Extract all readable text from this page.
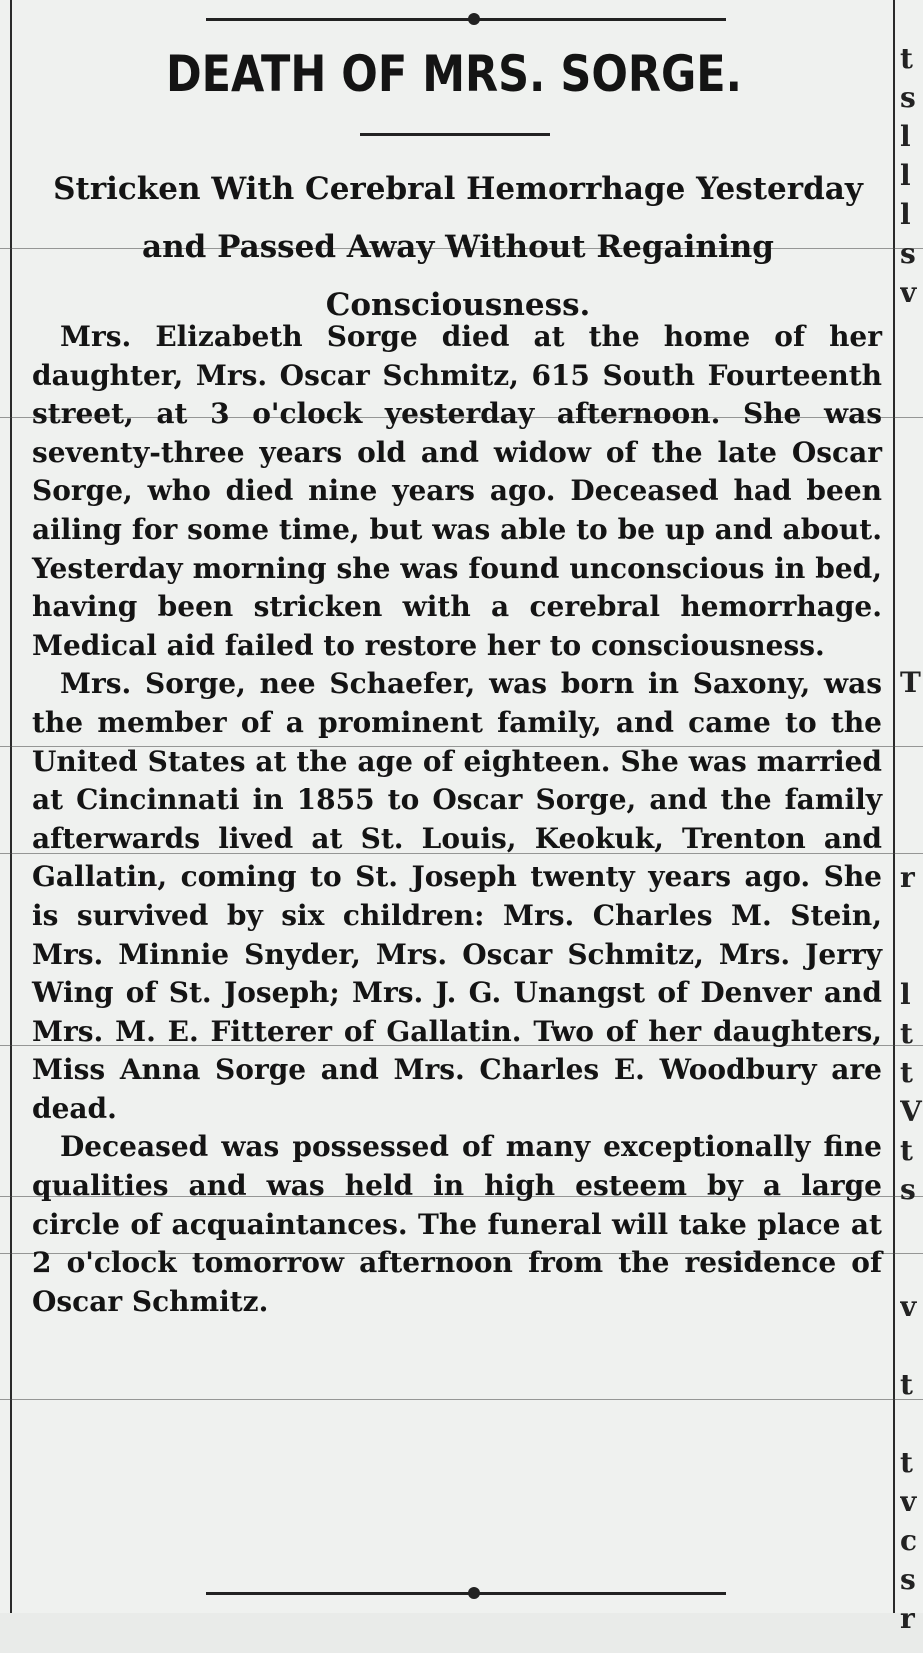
DEATH OF MRS. SORGE.
Stricken With Cerebral Hemorrhage Yesterday and Passed Away Without Regaining Consciousness.

Mrs. Elizabeth Sorge died at the home of her daughter, Mrs. Oscar Schmitz, 615 South Fourteenth street, at 3 o'clock yesterday afternoon. She was seventy-three years old and widow of the late Oscar Sorge, who died nine years ago. Deceased had been ailing for some time, but was able to be up and about. Yesterday morning she was found unconscious in bed, having been stricken with a cerebral hemorrhage. Medical aid failed to restore her to consciousness.

Mrs. Sorge, nee Schaefer, was born in Saxony, was the member of a prominent family, and came to the United States at the age of eighteen. She was married at Cincinnati in 1855 to Oscar Sorge, and the family afterwards lived at St. Louis, Keokuk, Trenton and Gallatin, coming to St. Joseph twenty years ago. She is survived by six children: Mrs. Charles M. Stein, Mrs. Minnie Snyder, Mrs. Oscar Schmitz, Mrs. Jerry Wing of St. Joseph; Mrs. J. G. Unangst of Denver and Mrs. M. E. Fitterer of Gallatin. Two of her daughters, Miss Anna Sorge and Mrs. Charles E. Woodbury are dead.

Deceased was possessed of many exceptionally fine qualities and was held in high esteem by a large circle of acquaintances. The funeral will take place at 2 o'clock tomorrow afternoon from the residence of Oscar Schmitz.

t
s
l
l
l
s
v
T
r
l
t
t
V
t
s
v
t
t
v
c
s
r
